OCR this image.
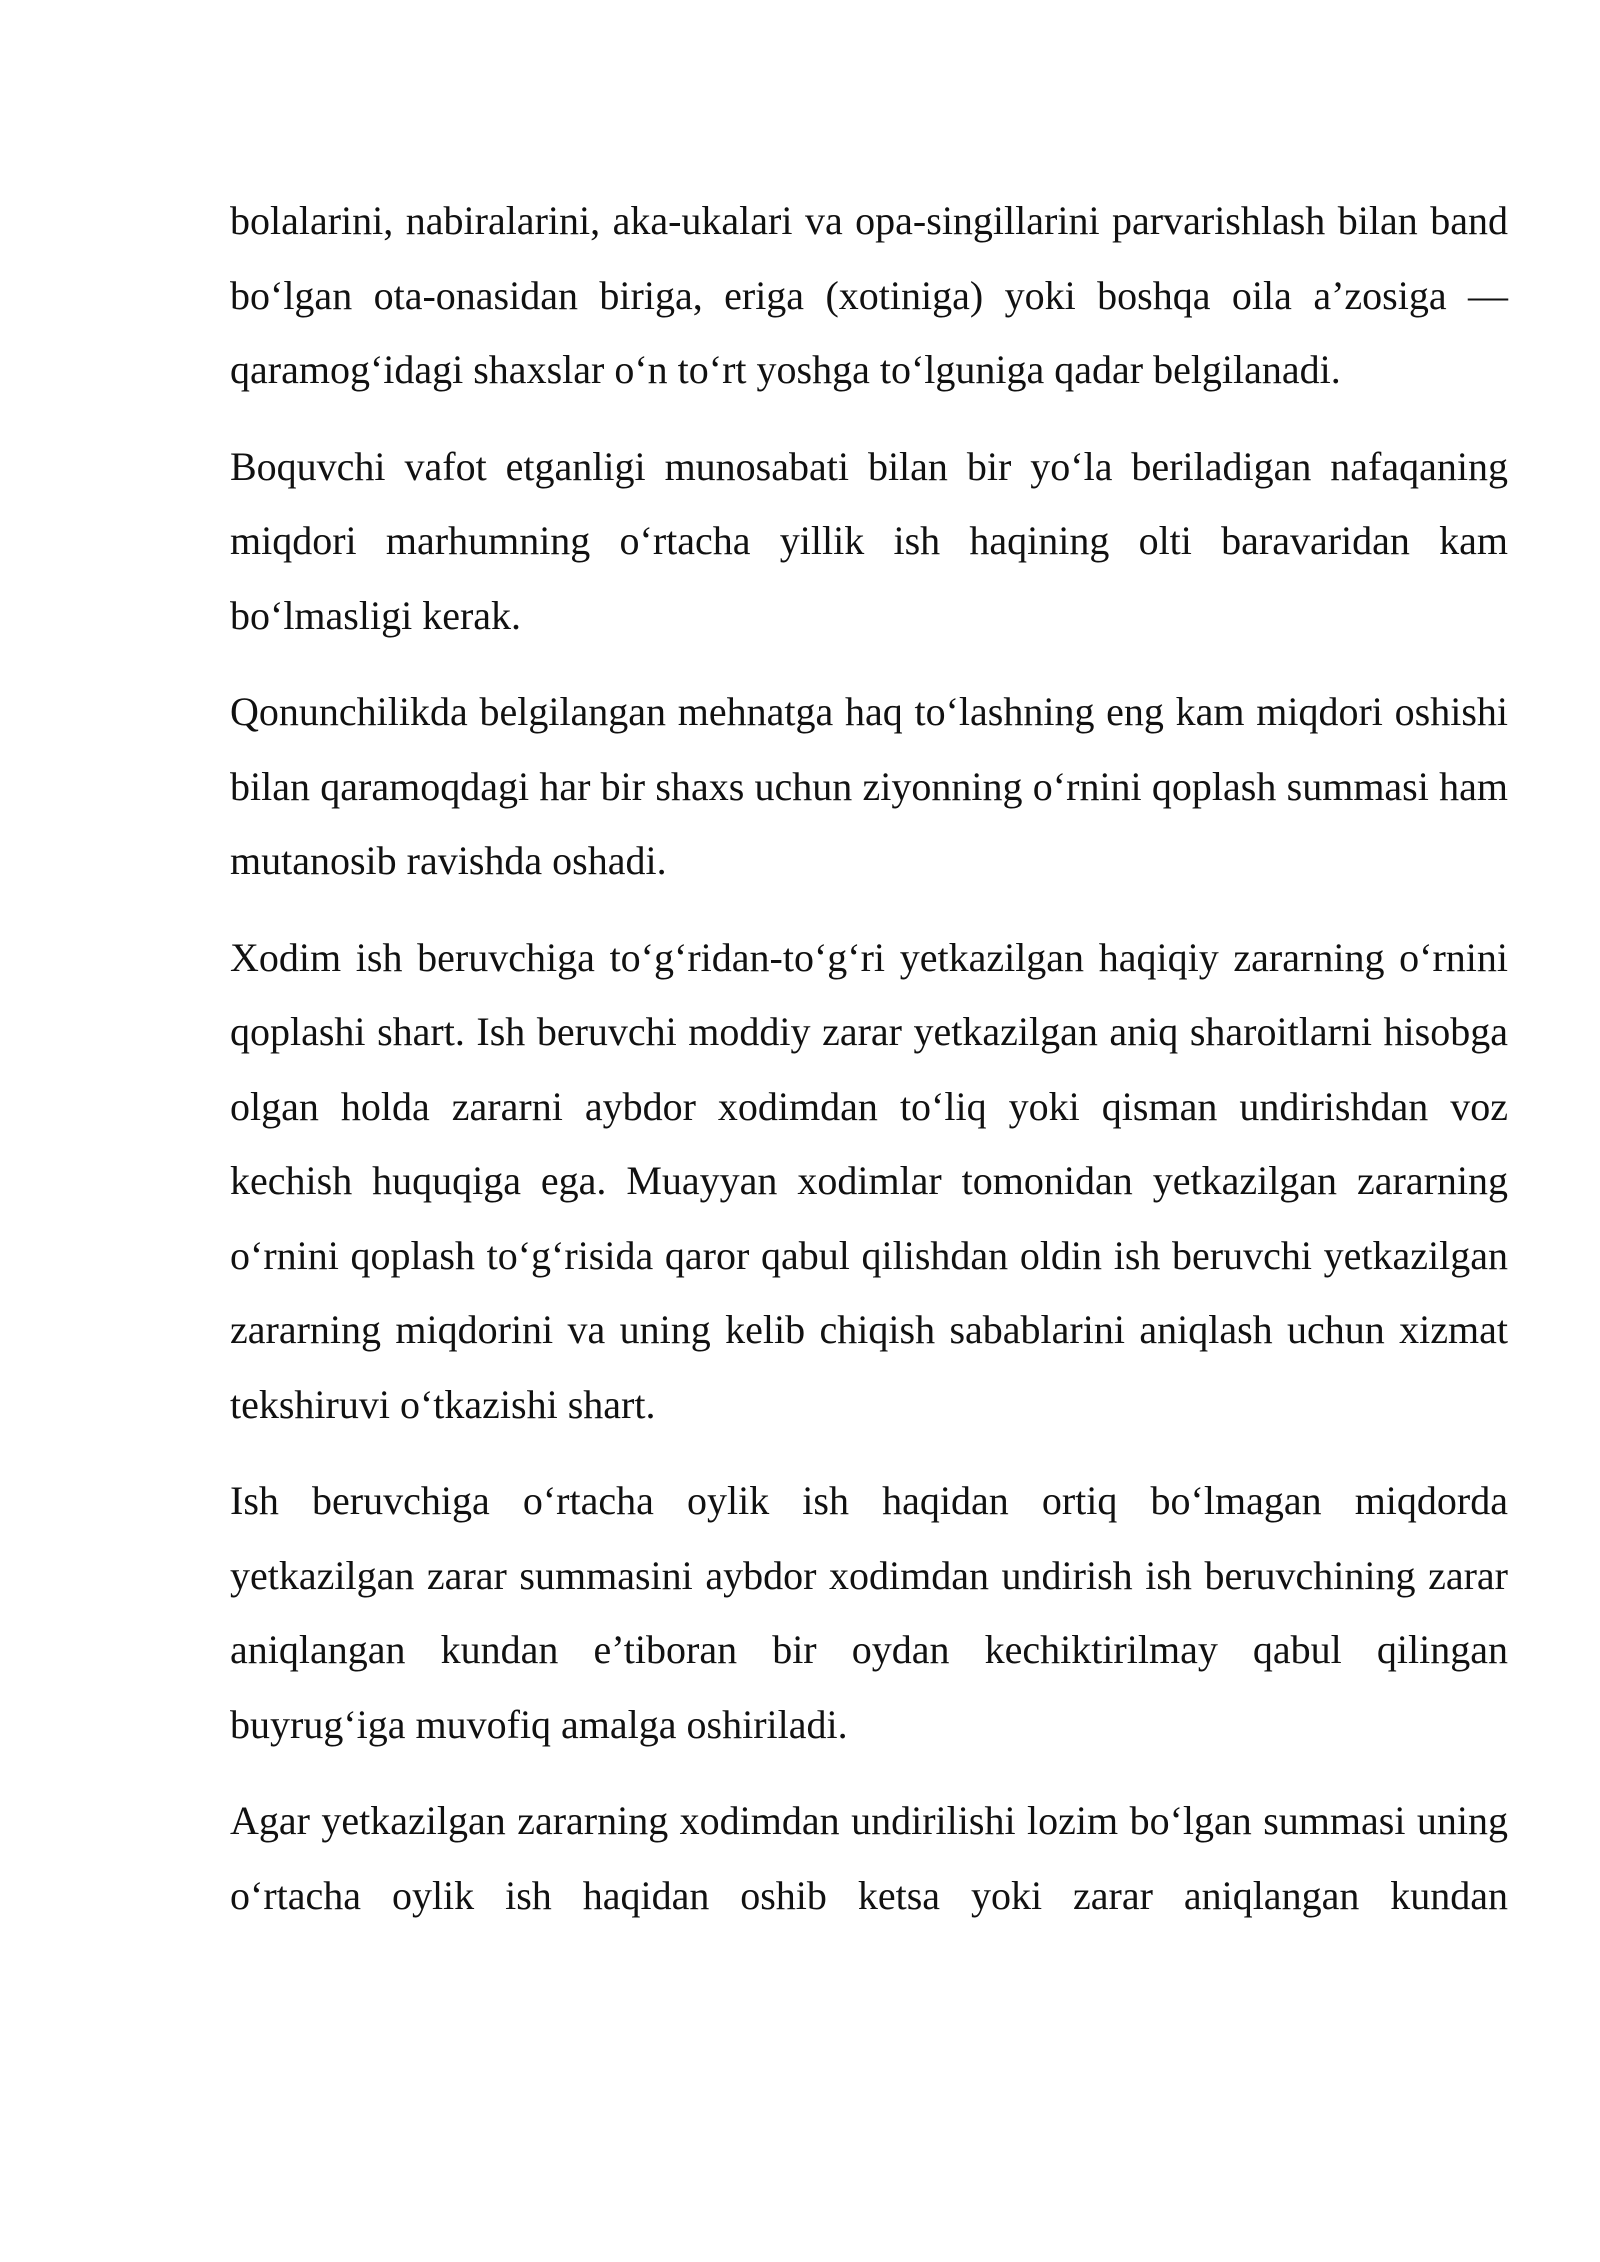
bolalarini, nabiralarini, aka-ukalari va opa-singillarini parvarishlash bilan band bo‘lgan ota-onasidan biriga, eriga (xotiniga) yoki boshqa oila a’zosiga — qaramog‘idagi shaxslar o‘n to‘rt yoshga to‘lguniga qadar belgilanadi.

Boquvchi vafot etganligi munosabati bilan bir yo‘la beriladigan nafaqaning miqdori marhumning o‘rtacha yillik ish haqining olti baravaridan kam bo‘lmasligi kerak.

Qonunchilikda belgilangan mehnatga haq to‘lashning eng kam miqdori oshishi bilan qaramoqdagi har bir shaxs uchun ziyonning o‘rnini qoplash summasi ham mutanosib ravishda oshadi.

Xodim ish beruvchiga to‘g‘ridan-to‘g‘ri yetkazilgan haqiqiy zararning o‘rnini qoplashi shart. Ish beruvchi moddiy zarar yetkazilgan aniq sharoitlarni hisobga olgan holda zararni aybdor xodimdan to‘liq yoki qisman undirishdan voz kechish huquqiga ega. Muayyan xodimlar tomonidan yetkazilgan zararning o‘rnini qoplash to‘g‘risida qaror qabul qilishdan oldin ish beruvchi yetkazilgan zararning miqdorini va uning kelib chiqish sabablarini aniqlash uchun xizmat tekshiruvi o‘tkazishi shart.

Ish beruvchiga o‘rtacha oylik ish haqidan ortiq bo‘lmagan miqdorda yetkazilgan zarar summasini aybdor xodimdan undirish ish beruvchining zarar aniqlangan kundan e’tiboran bir oydan kechiktirilmay qabul qilingan buyrug‘iga muvofiq amalga oshiriladi.

Agar yetkazilgan zararning xodimdan undirilishi lozim bo‘lgan summasi uning o‘rtacha oylik ish haqidan oshib ketsa yoki zarar aniqlangan kundan
